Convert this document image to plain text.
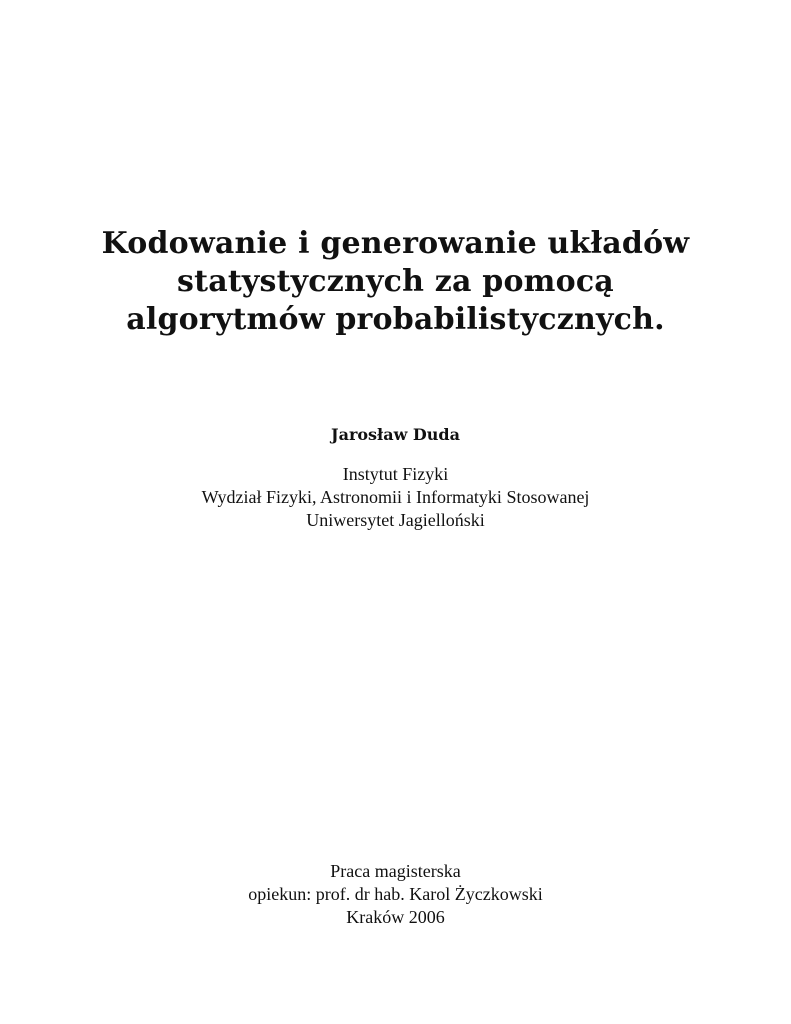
Kodowanie i generowanie układów
statystycznych za pomocą
algorytmów probabilistycznych.
Jarosław Duda
Instytut Fizyki
Wydział Fizyki, Astronomii i Informatyki Stosowanej
Uniwersytet Jagielloński
Praca magisterska
opiekun: prof. dr hab. Karol Życzkowski
Kraków 2006
